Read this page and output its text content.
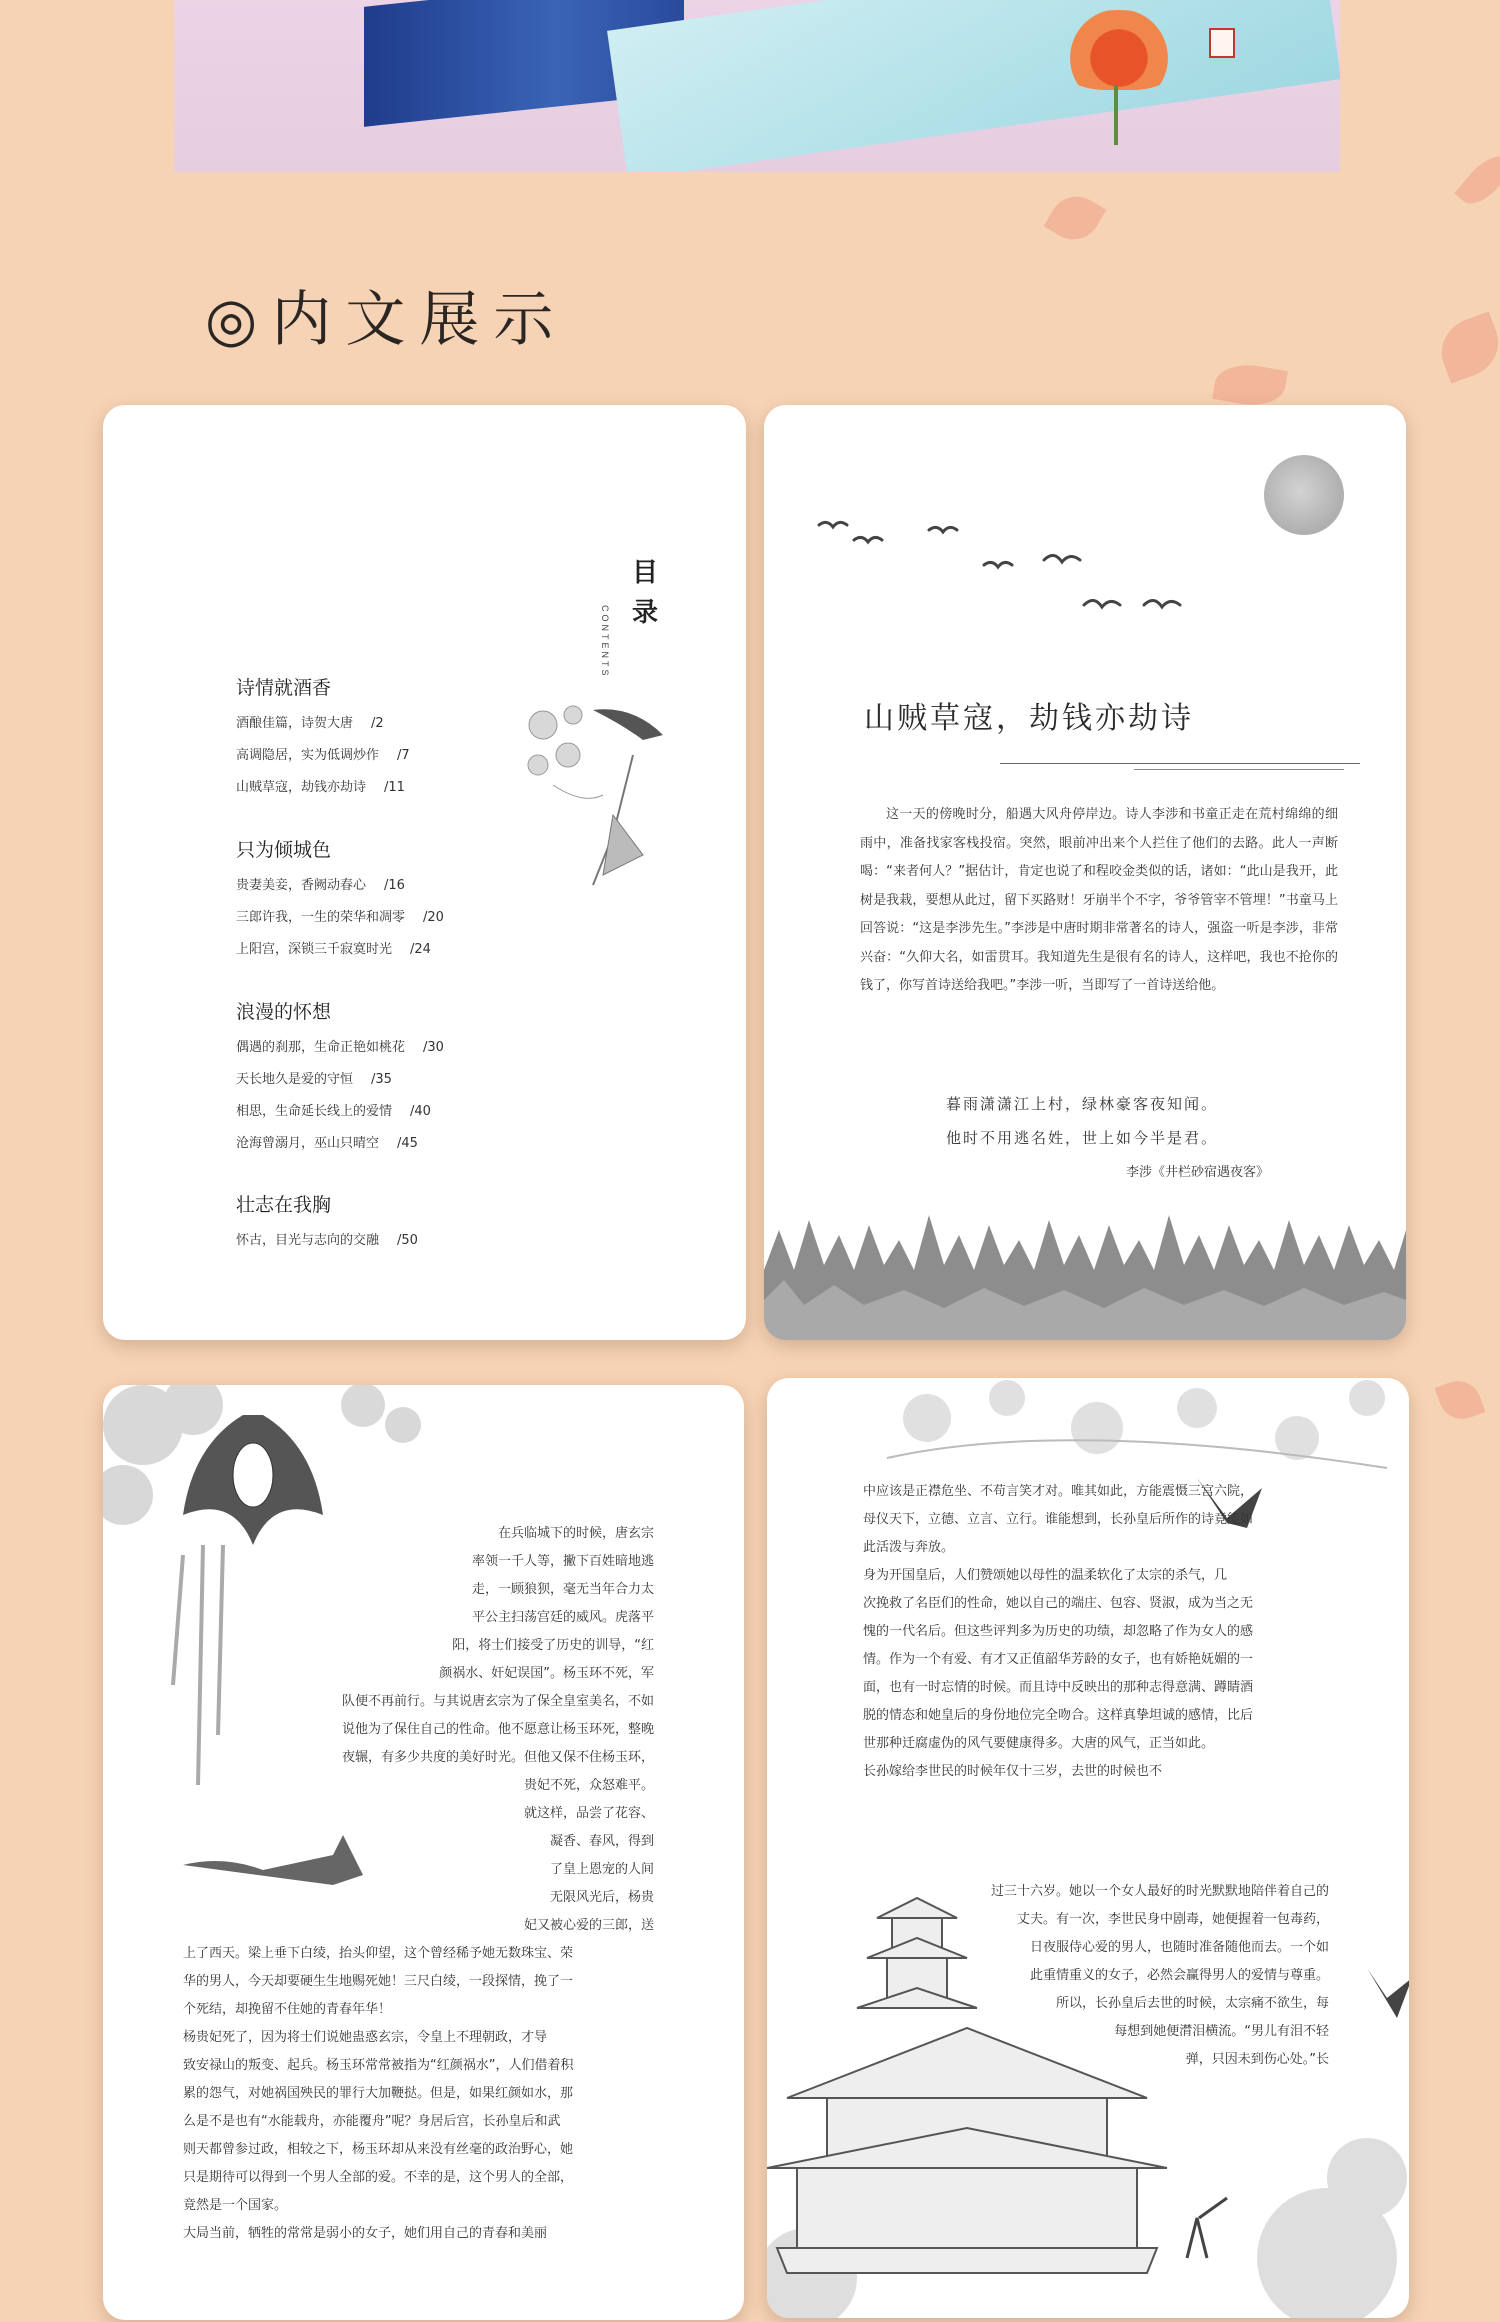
◎内文展示
目录
CONTENTS
诗情就酒香
酒酿佳篇，诗贺大唐 /2
高调隐居，实为低调炒作 /7
山贼草寇，劫钱亦劫诗 /11
只为倾城色
贵妻美妾，香阙动春心 /16
三郎许我，一生的荣华和凋零 /20
上阳宫，深锁三千寂寞时光 /24
浪漫的怀想
偶遇的刹那，生命正艳如桃花 /30
天长地久是爱的守恒 /35
相思，生命延长线上的爱情 /40
沧海曾溺月，巫山只晴空 /45
壮志在我胸
怀古，目光与志向的交融 /50
山贼草寇，劫钱亦劫诗
这一天的傍晚时分，船遇大风舟停岸边。诗人李涉和书童正走在荒村绵绵的细雨中，准备找家客栈投宿。突然，眼前冲出来个人拦住了他们的去路。此人一声断喝：“来者何人？”据估计，肯定也说了和程咬金类似的话，诸如：“此山是我开，此树是我栽，要想从此过，留下买路财！牙崩半个不字，爷爷管宰不管埋！”书童马上回答说：“这是李涉先生。”李涉是中唐时期非常著名的诗人，强盗一听是李涉，非常兴奋：“久仰大名，如雷贯耳。我知道先生是很有名的诗人，这样吧，我也不抢你的钱了，你写首诗送给我吧。”李涉一听，当即写了一首诗送给他。
暮雨潇潇江上村，绿林豪客夜知闻。
他时不用逃名姓，世上如今半是君。
李涉《井栏砂宿遇夜客》
在兵临城下的时候，唐玄宗
率领一千人等，撇下百姓暗地逃
走，一顾狼狈，毫无当年合力太
平公主扫荡宫廷的威风。虎落平
阳，将士们接受了历史的训导，“红
颜祸水、奸妃误国”。杨玉环不死，军
队便不再前行。与其说唐玄宗为了保全皇室美名，不如
说他为了保住自己的性命。他不愿意让杨玉环死，整晚
夜辗，有多少共度的美好时光。但他又保不住杨玉环，
贵妃不死，众怒难平。
就这样，品尝了花容、
凝香、春风，得到
了皇上恩宠的人间
无限风光后，杨贵
妃又被心爱的三郎，送
上了西天。梁上垂下白绫，抬头仰望，这个曾经稀予她无数珠宝、荣
华的男人，今天却要硬生生地赐死她！三尺白绫，一段探情，挽了一
个死结，却挽留不住她的青春年华！
杨贵妃死了，因为将士们说她蛊惑玄宗，令皇上不理朝政，才导
致安禄山的叛变、起兵。杨玉环常常被指为“红颜祸水”，人们借着积
累的怨气，对她祸国殃民的罪行大加鞭挞。但是，如果红颜如水，那
么是不是也有“水能载舟，亦能覆舟”呢？身居后宫，长孙皇后和武
则天都曾参过政，相较之下，杨玉环却从来没有丝毫的政治野心，她
只是期待可以得到一个男人全部的爱。不幸的是，这个男人的全部，
竟然是一个国家。
大局当前，牺牲的常常是弱小的女子，她们用自己的青春和美丽
中应该是正襟危坐、不苟言笑才对。唯其如此，方能震慑三宫六院，
母仪天下，立德、立言、立行。谁能想到，长孙皇后所作的诗竟能如
此活泼与奔放。
身为开国皇后，人们赞颂她以母性的温柔软化了太宗的杀气，几
次挽救了名臣们的性命，她以自己的端庄、包容、贤淑，成为当之无
愧的一代名后。但这些评判多为历史的功绩，却忽略了作为女人的感
情。作为一个有爱、有才又正值韶华芳龄的女子，也有娇艳妩媚的一
面，也有一时忘情的时候。而且诗中反映出的那种志得意满、蹲睛酒
脱的情态和她皇后的身份地位完全吻合。这样真挚坦诚的感情，比后
世那种迁腐虚伪的风气要健康得多。大唐的风气，正当如此。
长孙嫁给李世民的时候年仅十三岁，去世的时候也不
过三十六岁。她以一个女人最好的时光默默地陪伴着自己的
丈夫。有一次，李世民身中剧毒，她便握着一包毒药，
日夜服侍心爱的男人，也随时准备随他而去。一个如
此重情重义的女子，必然会赢得男人的爱情与尊重。
所以，长孙皇后去世的时候，太宗痛不欲生，每
每想到她便潸泪横流。“男儿有泪不轻
弹，只因未到伤心处。”长
